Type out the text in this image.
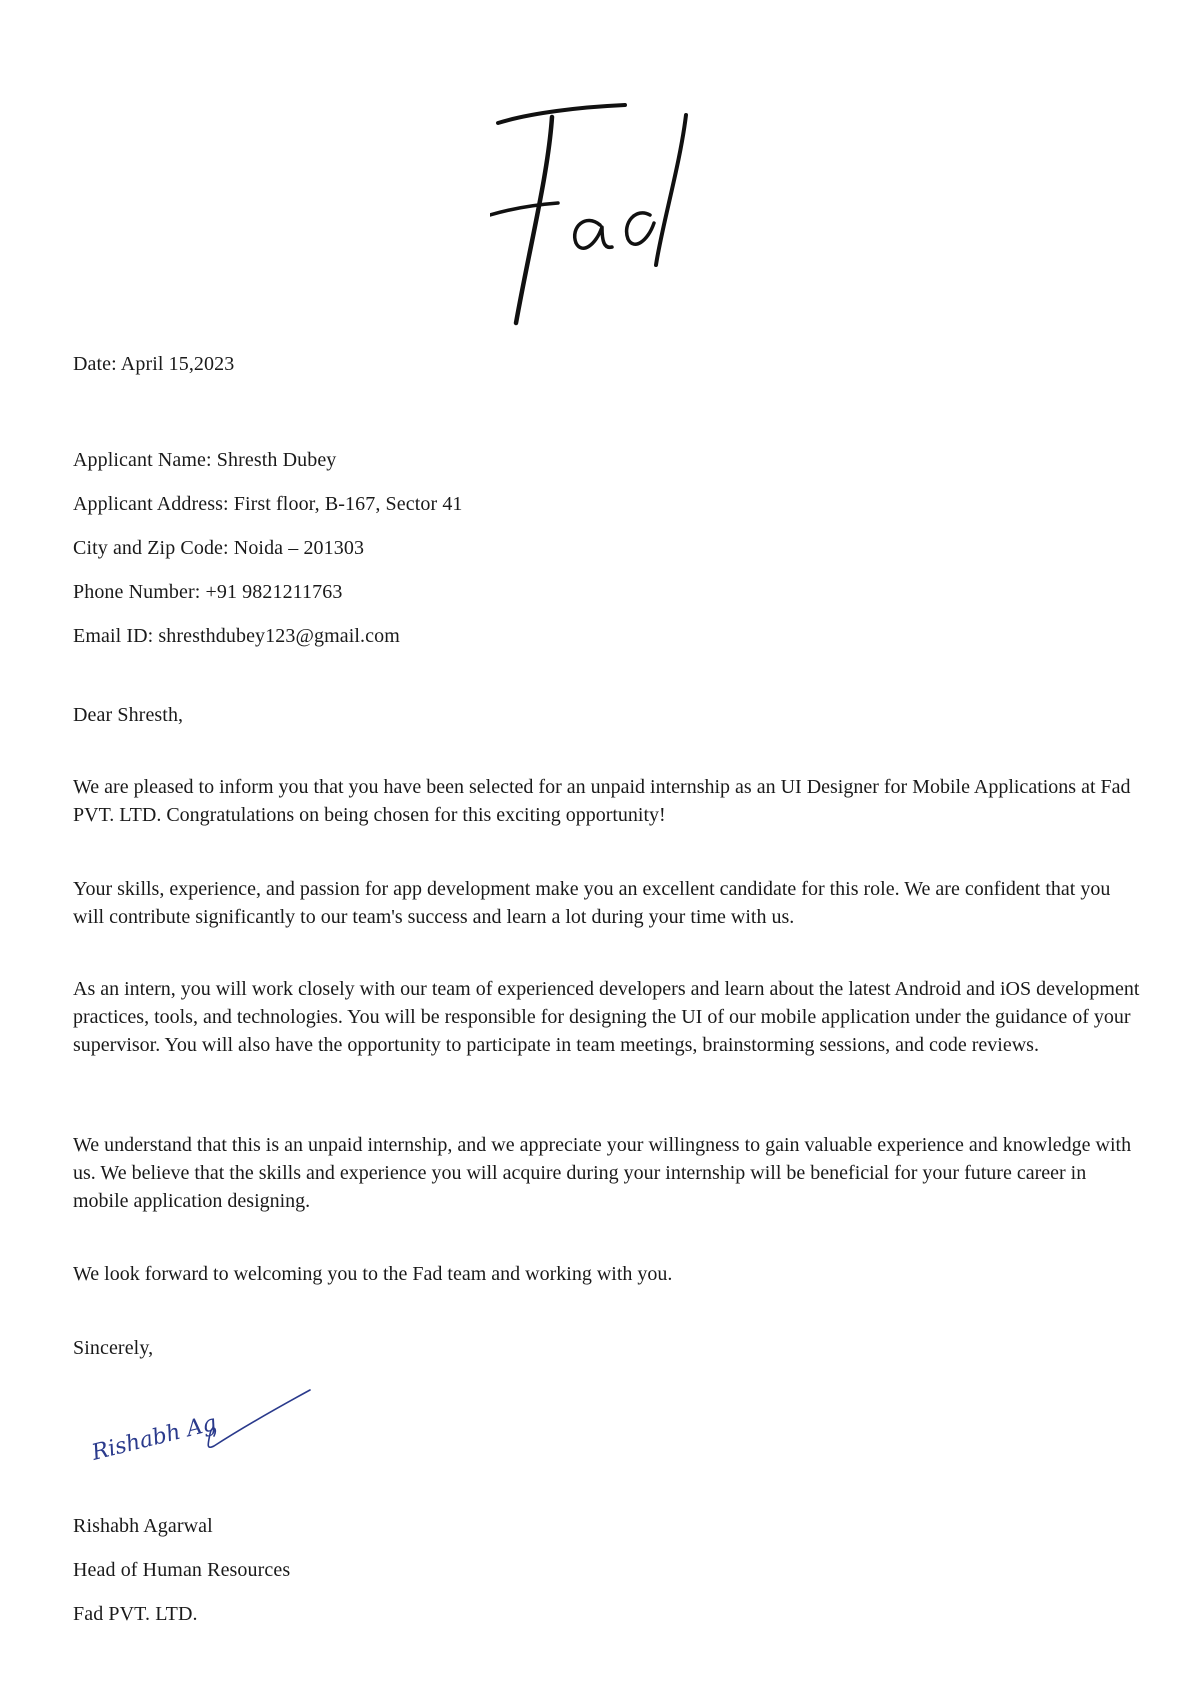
Date: April 15,2023
Applicant Name: Shresth Dubey
Applicant Address: First floor, B-167, Sector 41
City and Zip Code: Noida – 201303
Phone Number: +91 9821211763
Email ID: shresthdubey123@gmail.com
Dear Shresth,
We are pleased to inform you that you have been selected for an unpaid internship as an UI Designer for Mobile Applications at Fad PVT. LTD. Congratulations on being chosen for this exciting opportunity!
Your skills, experience, and passion for app development make you an excellent candidate for this role. We are confident that you will contribute significantly to our team's success and learn a lot during your time with us.
As an intern, you will work closely with our team of experienced developers and learn about the latest Android and iOS development practices, tools, and technologies. You will be responsible for designing the UI of our mobile application under the guidance of your supervisor. You will also have the opportunity to participate in team meetings, brainstorming sessions, and code reviews.
We understand that this is an unpaid internship, and we appreciate your willingness to gain valuable experience and knowledge with us. We believe that the skills and experience you will acquire during your internship will be beneficial for your future career in mobile application designing.
We look forward to welcoming you to the Fad team and working with you.
Sincerely,
Rishabh Ag
Rishabh Agarwal
Head of Human Resources
Fad PVT. LTD.
